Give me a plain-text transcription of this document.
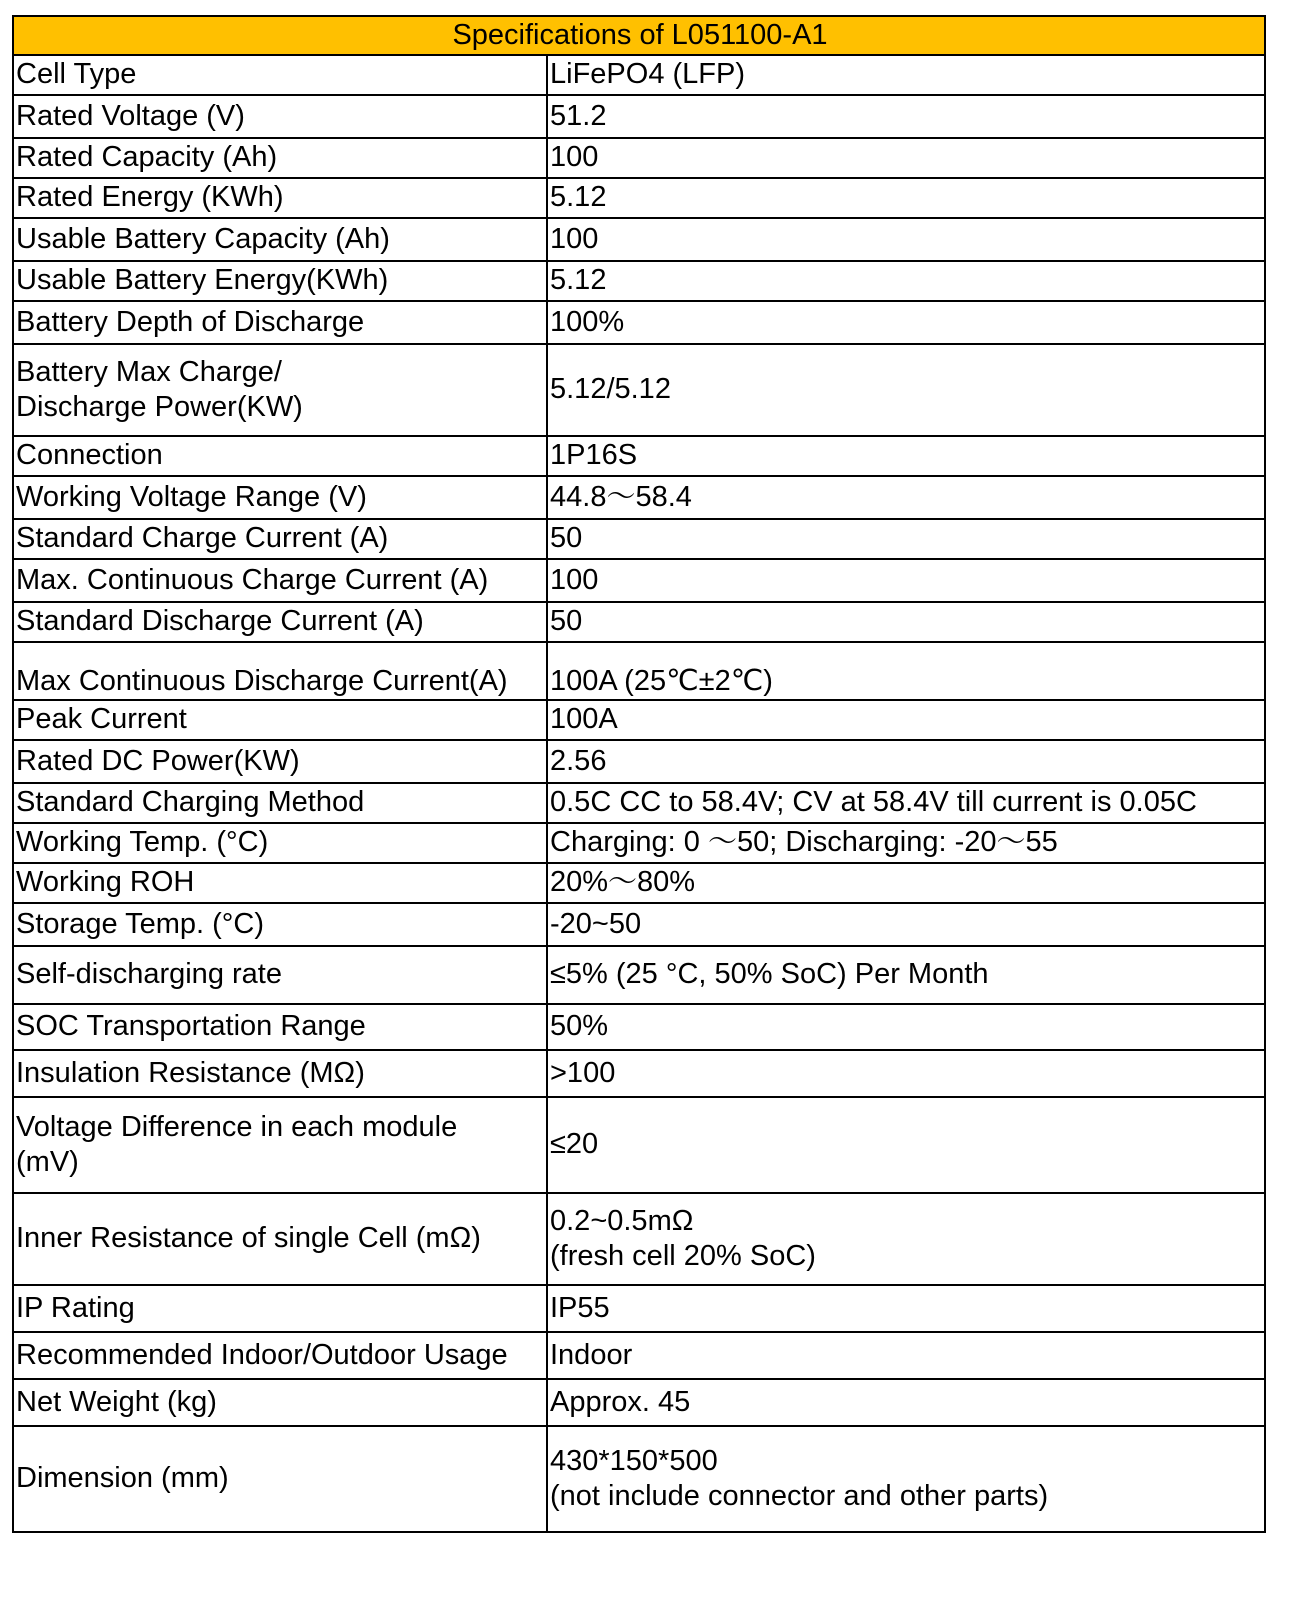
Specifications of L051100-A1	

Cell Type	LiFePO4 (LFP)

Rated Voltage (V)	51.2

Rated Capacity (Ah)	100

Rated Energy (KWh)	5.12

Usable Battery Capacity (Ah)	100

Usable Battery Energy(KWh)	5.12

Battery Depth of Discharge	100%

Battery Max Charge/
Discharge Power(KW)	5.12/5.12

Connection	1P16S

Working Voltage Range (V)	44.8～58.4

Standard Charge Current (A)	50

Max. Continuous Charge Current (A)	100

Standard Discharge Current (A)	50

Max Continuous Discharge Current(A)	100A (25℃±2℃)

Peak Current	100A

Rated DC Power(KW)	2.56

Standard Charging Method	0.5C CC to 58.4V; CV at 58.4V till current is 0.05C

Working Temp. (°C)	Charging: 0 ～50; Discharging: -20～55

Working ROH	20%～80%

Storage Temp. (°C)	-20~50

Self-discharging rate	≤5% (25 °C, 50% SoC) Per Month

SOC Transportation Range	50%

Insulation Resistance (MΩ)	>100

Voltage Difference in each module
(mV)	≤20

Inner Resistance of single Cell (mΩ)	0.2~0.5mΩ
(fresh cell 20% SoC)

IP Rating	IP55

Recommended Indoor/Outdoor Usage	Indoor

Net Weight (kg)	Approx. 45

Dimension (mm)	430*150*500
(not include connector and other parts)
